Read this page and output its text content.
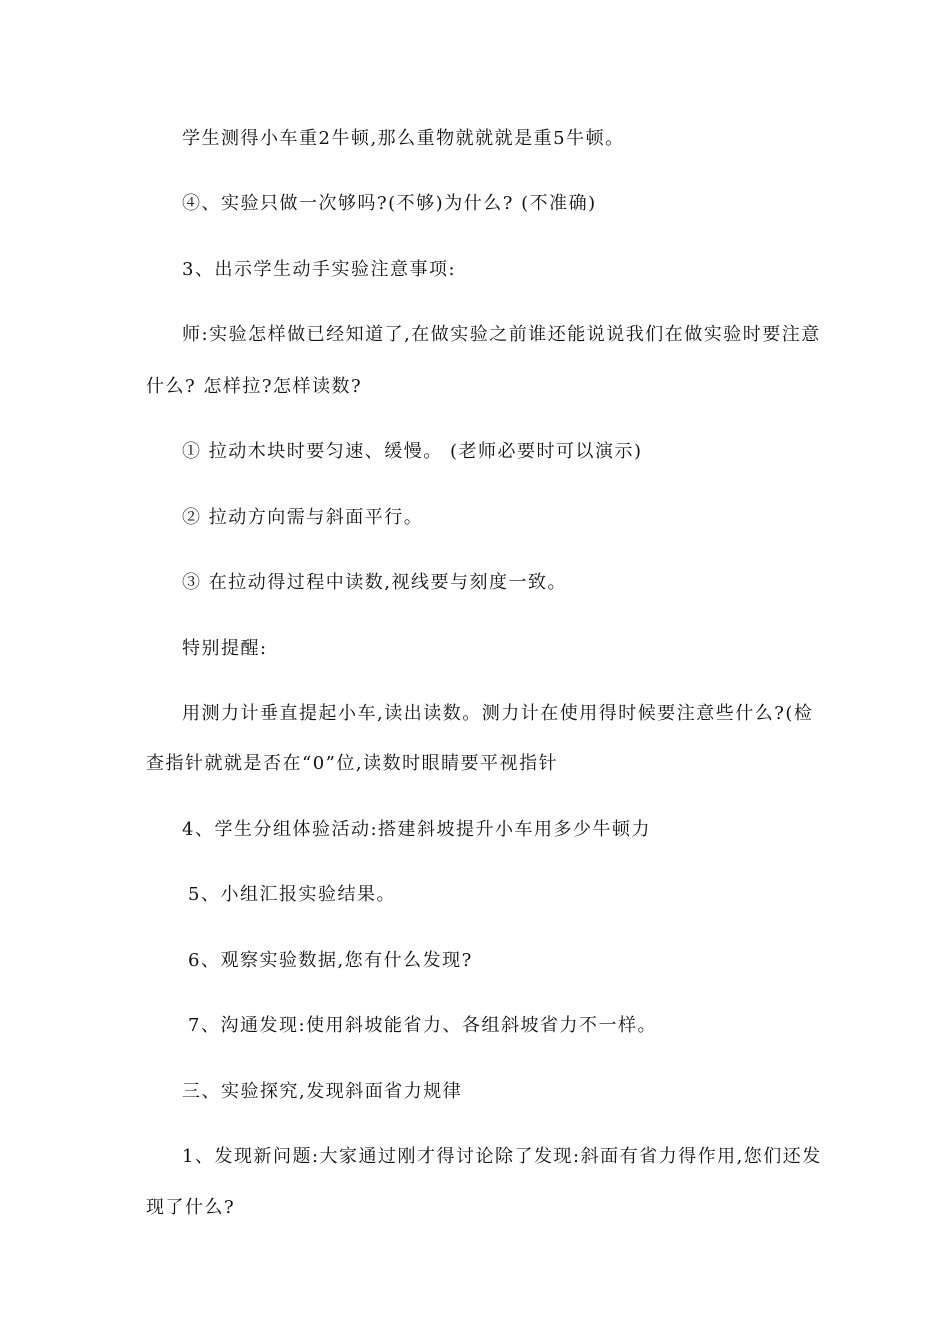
学生测得小车重2牛顿,那么重物就就就是重5牛顿。
④、实验只做一次够吗?(不够)为什么? (不准确)
3、出示学生动手实验注意事项:
师:实验怎样做已经知道了,在做实验之前谁还能说说我们在做实验时要注意
什么? 怎样拉?怎样读数?
① 拉动木块时要匀速、缓慢。 (老师必要时可以演示)
② 拉动方向需与斜面平行。
③ 在拉动得过程中读数,视线要与刻度一致。
特别提醒:
用测力计垂直提起小车,读出读数。测力计在使用得时候要注意些什么?(检
查指针就就是否在“0”位,读数时眼睛要平视指针
4、学生分组体验活动:搭建斜坡提升小车用多少牛顿力
5、小组汇报实验结果。
6、观察实验数据,您有什么发现?
7、沟通发现:使用斜坡能省力、各组斜坡省力不一样。
三、实验探究,发现斜面省力规律
1、发现新问题:大家通过刚才得讨论除了发现:斜面有省力得作用,您们还发
现了什么?
